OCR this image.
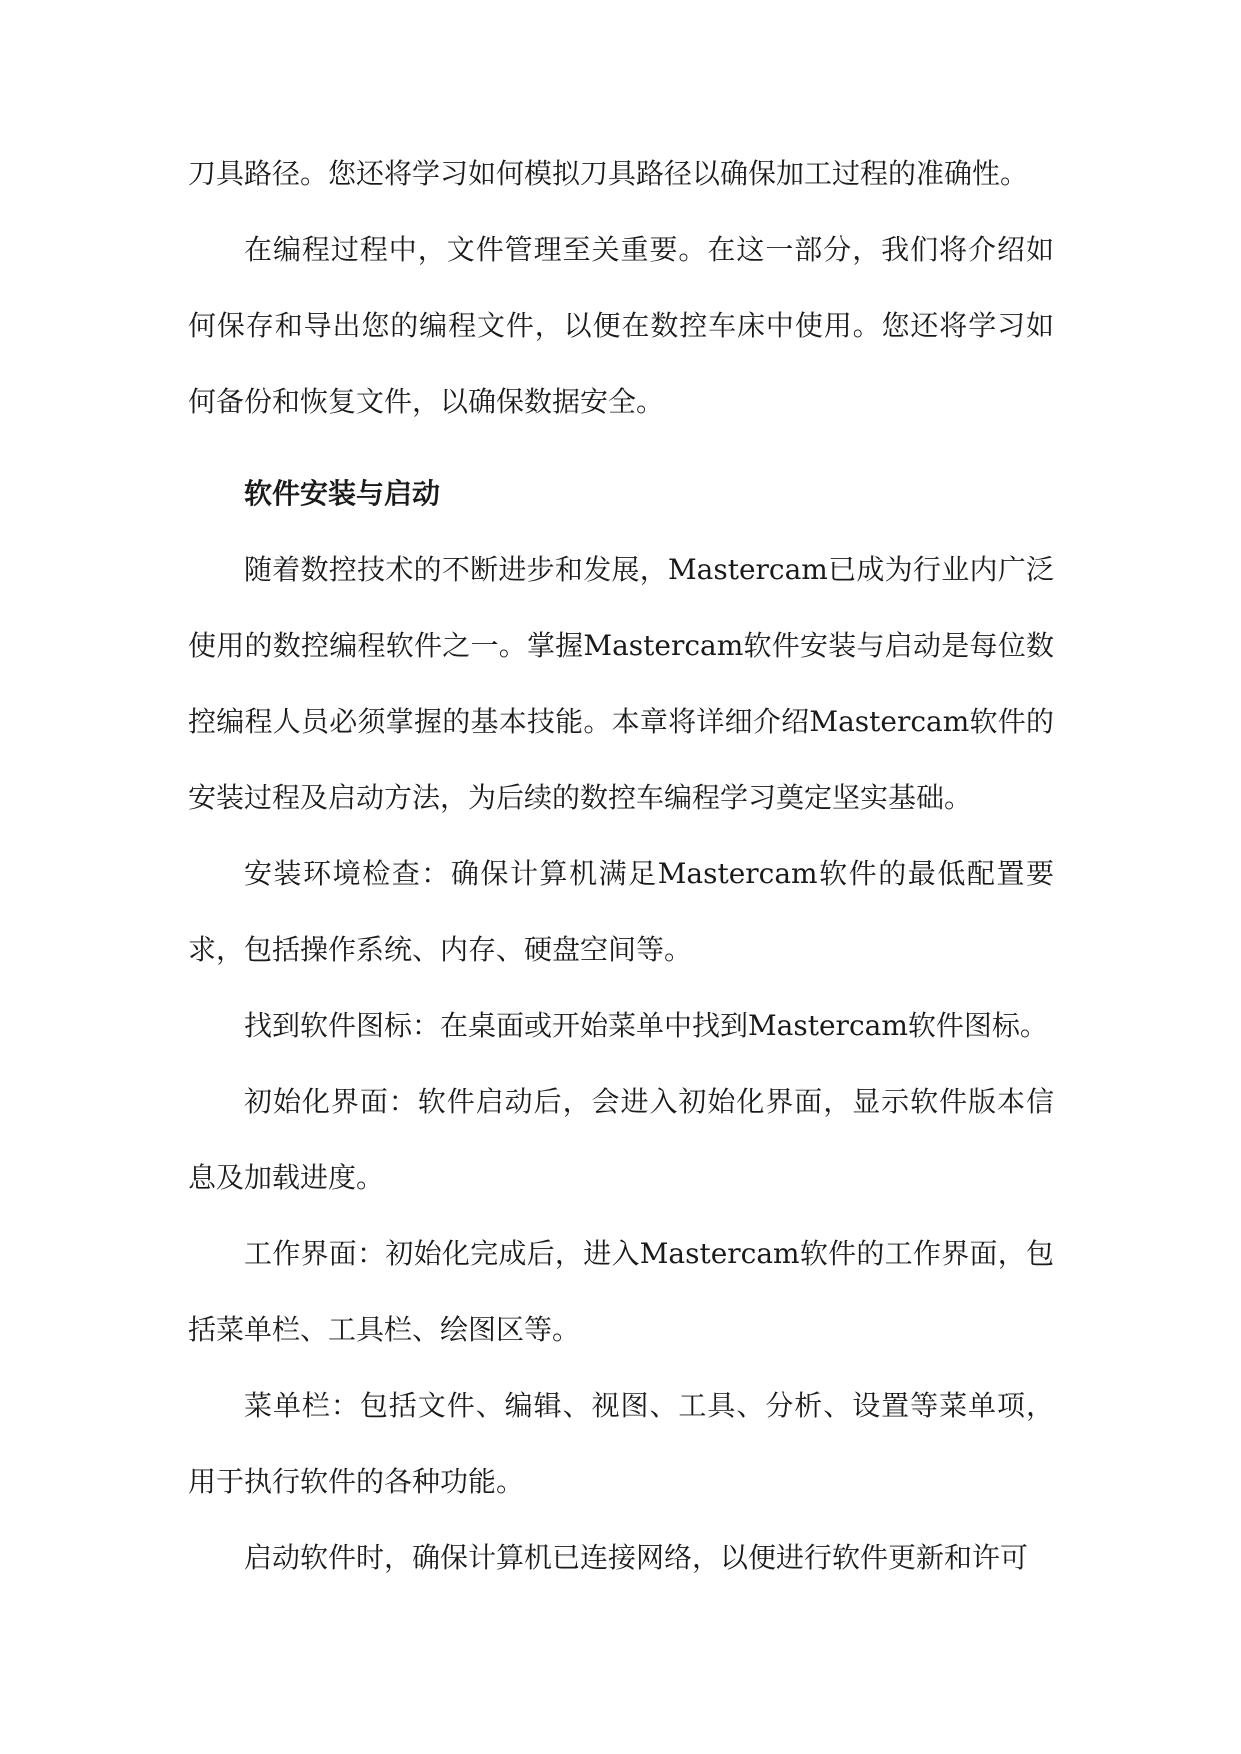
刀具路径。您还将学习如何模拟刀具路径以确保加工过程的准确性。

在编程过程中，文件管理至关重要。在这一部分，我们将介绍如何保存和导出您的编程文件，以便在数控车床中使用。您还将学习如何备份和恢复文件，以确保数据安全。

软件安装与启动

随着数控技术的不断进步和发展，Mastercam已成为行业内广泛使用的数控编程软件之一。掌握Mastercam软件安装与启动是每位数控编程人员必须掌握的基本技能。本章将详细介绍Mastercam软件的安装过程及启动方法，为后续的数控车编程学习奠定坚实基础。

安装环境检查：确保计算机满足Mastercam软件的最低配置要求，包括操作系统、内存、硬盘空间等。

找到软件图标：在桌面或开始菜单中找到Mastercam软件图标。

初始化界面：软件启动后，会进入初始化界面，显示软件版本信息及加载进度。

工作界面：初始化完成后，进入Mastercam软件的工作界面，包括菜单栏、工具栏、绘图区等。

菜单栏：包括文件、编辑、视图、工具、分析、设置等菜单项，用于执行软件的各种功能。

启动软件时，确保计算机已连接网络，以便进行软件更新和许可
